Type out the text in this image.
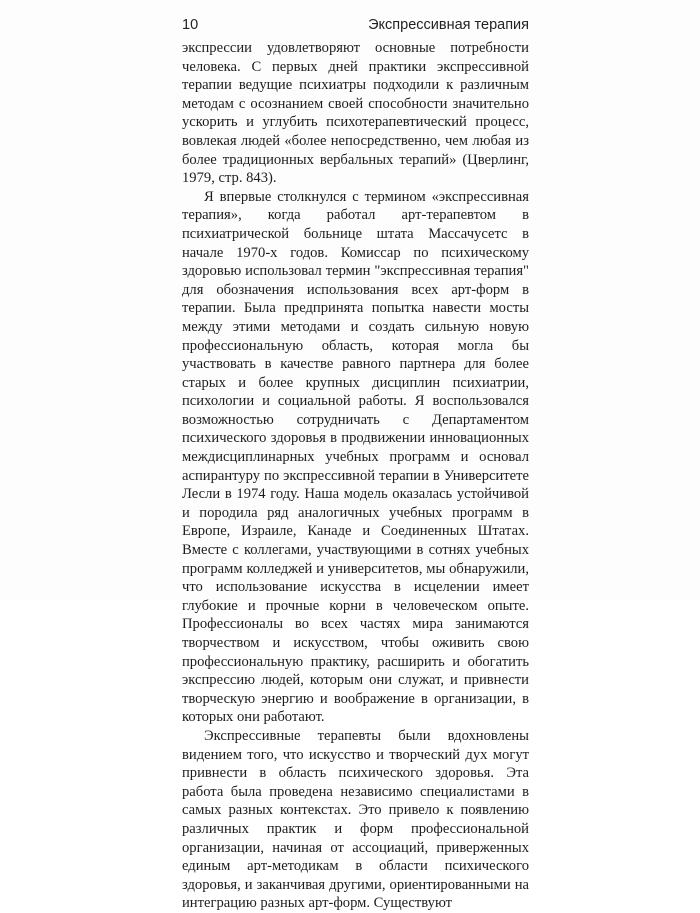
10	Экспрессивная терапия

экспрессии удовлетворяют основные потребности человека. С первых дней практики экспрессивной терапии ведущие психиатры подходили к различным методам с осознанием своей способности значительно ускорить и углубить психотерапевтический процесс, вовлекая людей «более непосредственно, чем любая из более традиционных вербальных терапий» (Цверлинг, 1979, стр. 843).

Я впервые столкнулся с термином «экспрессивная терапия», когда работал арт-терапевтом в психиатрической больнице штата Массачусетс в начале 1970-х годов. Комиссар по психическому здоровью использовал термин "экспрессивная терапия" для обозначения использования всех арт-форм в терапии. Была предпринята попытка навести мосты между этими методами и создать сильную новую профессиональную область, которая могла бы участвовать в качестве равного партнера для более старых и более крупных дисциплин психиатрии, психологии и социальной работы. Я воспользовался возможностью сотрудничать с Департаментом психического здоровья в продвижении инновационных междисциплинарных учебных программ и основал аспирантуру по экспрессивной терапии в Университете Лесли в 1974 году. Наша модель оказалась устойчивой и породила ряд аналогичных учебных программ в Европе, Израиле, Канаде и Соединенных Штатах. Вместе с коллегами, участвующими в сотнях учебных программ колледжей и университетов, мы обнаружили, что использование искусства в исцелении имеет глубокие и прочные корни в человеческом опыте. Профессионалы во всех частях мира занимаются творчеством и искусством, чтобы оживить свою профессиональную практику, расширить и обогатить экспрессию людей, которым они служат, и привнести творческую энергию и воображение в организации, в которых они работают.

Экспрессивные терапевты были вдохновлены видением того, что искусство и творческий дух могут привнести в область психического здоровья. Эта работа была проведена независимо специалистами в самых разных контекстах. Это привело к появлению различных практик и форм профессиональной организации, начиная от ассоциаций, приверженных единым арт-методикам в области психического здоровья, и заканчивая другими, ориентированными на интеграцию разных арт-форм. Существуют
